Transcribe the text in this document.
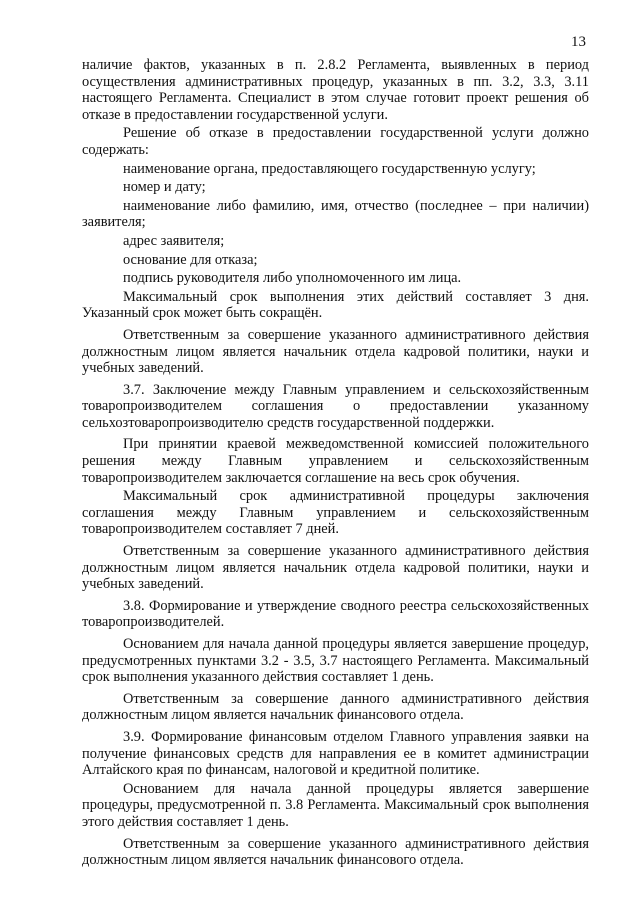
13

наличие фактов, указанных в п. 2.8.2 Регламента, выявленных в период осуществления административных процедур, указанных в пп. 3.2, 3.3, 3.11 настоящего Регламента. Специалист в этом случае готовит проект решения об отказе в предоставлении государственной услуги.

Решение об отказе в предоставлении государственной услуги должно содержать:

наименование органа, предоставляющего государственную услугу;

номер и дату;

наименование либо фамилию, имя, отчество (последнее – при наличии) заявителя;

адрес заявителя;

основание для отказа;

подпись руководителя либо уполномоченного им лица.

Максимальный срок выполнения этих действий составляет 3 дня. Указанный срок может быть сокращён.

Ответственным за совершение указанного административного действия должностным лицом является начальник отдела кадровой политики, науки и учебных заведений.

3.7. Заключение между Главным управлением и сельскохозяйственным товаропроизводителем соглашения о предоставлении указанному сельхозтоваропроизводителю средств государственной поддержки.

При принятии краевой межведомственной комиссией положительного решения между Главным управлением и сельскохозяйственным товаропроизводителем заключается соглашение на весь срок обучения.

Максимальный срок административной процедуры заключения соглашения между Главным управлением и сельскохозяйственным товаропроизводителем составляет 7 дней.

Ответственным за совершение указанного административного действия должностным лицом является начальник отдела кадровой политики, науки и учебных заведений.

3.8. Формирование и утверждение сводного реестра сельскохозяйственных товаропроизводителей.

Основанием для начала данной процедуры является завершение процедур, предусмотренных пунктами 3.2 - 3.5, 3.7 настоящего Регламента. Максимальный срок выполнения указанного действия составляет 1 день.

Ответственным за совершение данного административного действия должностным лицом является начальник финансового отдела.

3.9. Формирование финансовым отделом Главного управления заявки на получение финансовых средств для направления ее в комитет администрации Алтайского края по финансам, налоговой и кредитной политике.

Основанием для начала данной процедуры является завершение процедуры, предусмотренной п. 3.8 Регламента. Максимальный срок выполнения этого действия составляет 1 день.

Ответственным за совершение указанного административного действия должностным лицом является начальник финансового отдела.
